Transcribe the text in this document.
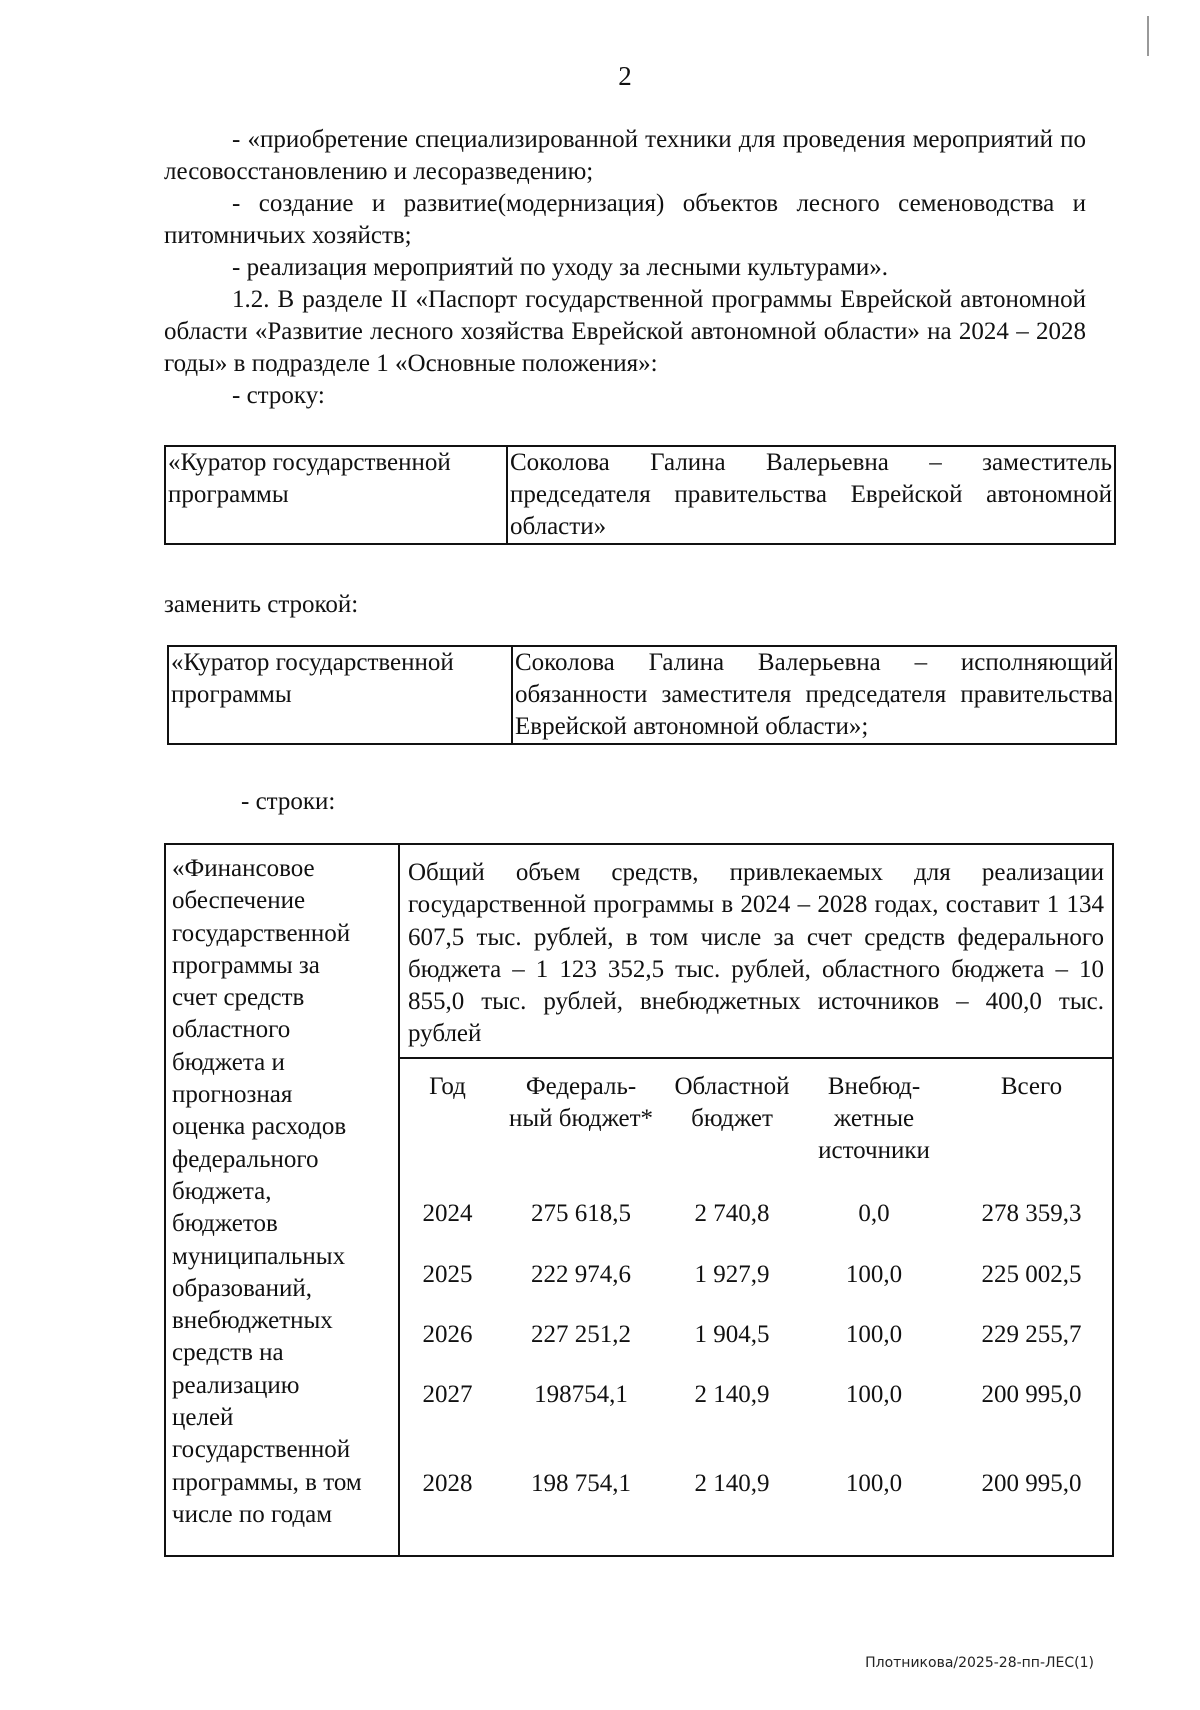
2

- «приобретение специализированной техники для проведения мероприятий по лесовосстановлению и лесоразведению;

- создание и развитие(модернизация) объектов лесного семеноводства и питомничьих хозяйств;

- реализация мероприятий по уходу за лесными культурами».

1.2. В разделе II «Паспорт государственной программы Еврейской автономной области «Развитие лесного хозяйства Еврейской автономной области» на 2024 – 2028 годы» в подразделе 1 «Основные положения»:

- строку:

«Куратор государственной программы	Соколова Галина Валерьевна – заместитель председателя правительства Еврейской автономной области»
заменить строкой:
«Куратор государственной программы	Соколова Галина Валерьевна – исполняющий обязанности заместителя председателя правительства Еврейской автономной области»;
- строки:
«Финансовое
обеспечение
государственной
программы за
счет средств
областного
бюджета и
прогнозная
оценка расходов
федерального
бюджета,
бюджетов
муниципальных
образований,
внебюджетных
средств на
реализацию
целей
государственной
программы, в том
числе по годам

Общий объем средств, привлекаемых для реализации государственной программы в 2024 – 2028 годах, составит 1 134 607,5 тыс. рублей, в том числе за счет средств федерального бюджета – 1 123 352,5 тыс. рублей, областного бюджета – 10 855,0 тыс. рублей, внебюджетных источников – 400,0 тыс. рублей
Год	Федераль- ный бюджет*	Областной бюджет	Внебюд- жетные источники	Всего
2024	275 618,5	2 740,8	0,0	278 359,3
2025	222 974,6	1 927,9	100,0	225 002,5
2026	227 251,2	1 904,5	100,0	229 255,7
2027	198754,1	2 140,9	100,0	200 995,0
2028	198 754,1	2 140,9	100,0	200 995,0
Плотникова/2025-28-пп-ЛЕС(1)
